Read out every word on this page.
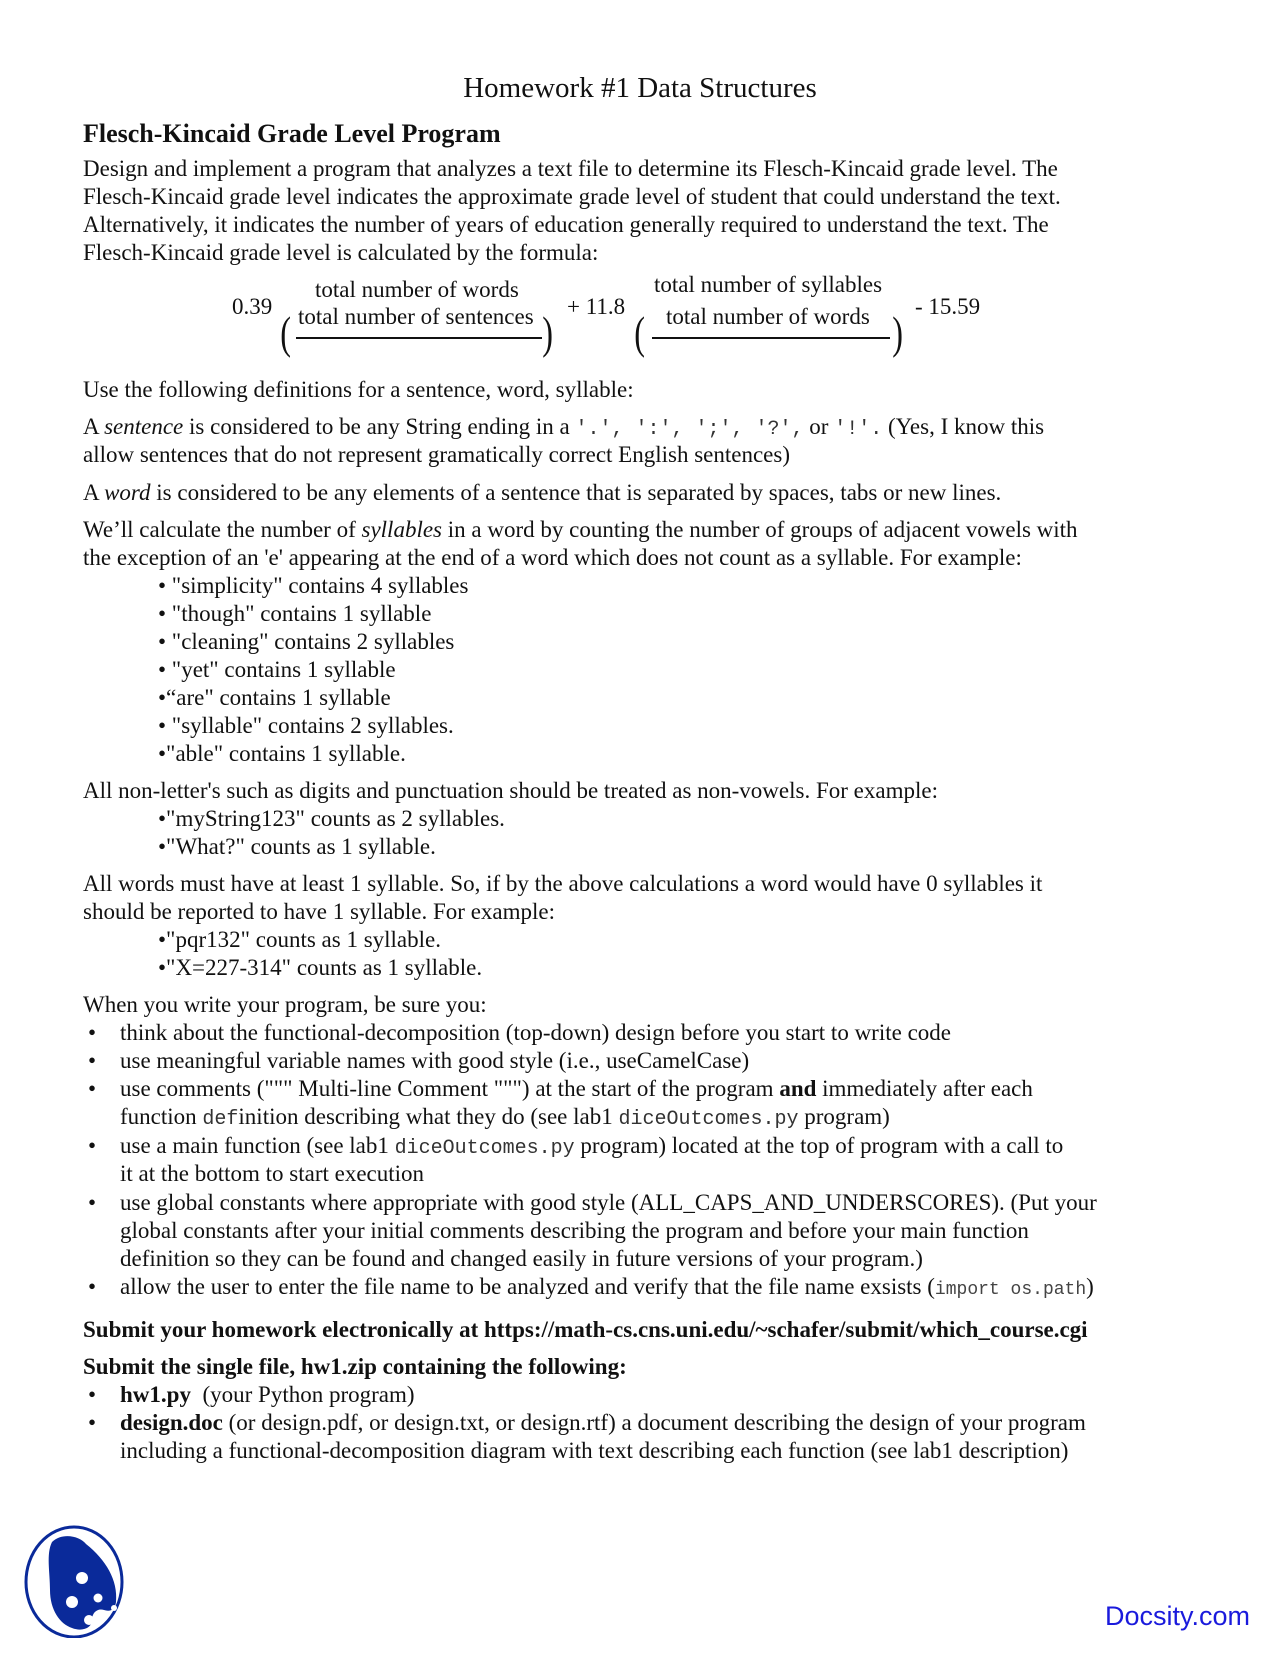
Homework #1 Data Structures
Flesch-Kincaid Grade Level Program
Design and implement a program that analyzes a text file to determine its Flesch-Kincaid grade level. The
Flesch-Kincaid grade level indicates the approximate grade level of student that could understand the text.
Alternatively, it indicates the number of years of education generally required to understand the text. The
Flesch-Kincaid grade level is calculated by the formula:
0.39
(
total number of words
total number of sentences )
+ 11.8
(
total number of syllables
total number of words )
- 15.59
Use the following definitions for a sentence, word, syllable:
A sentence is considered to be any String ending in a '.', ':', ';', '?', or '!'. (Yes, I know this
allow sentences that do not represent gramatically correct English sentences)
A word is considered to be any elements of a sentence that is separated by spaces, tabs or new lines.
We’ll calculate the number of syllables in a word by counting the number of groups of adjacent vowels with
the exception of an 'e' appearing at the end of a word which does not count as a syllable. For example:
• "simplicity" contains 4 syllables
• "though" contains 1 syllable
• "cleaning" contains 2 syllables
• "yet" contains 1 syllable
•“are" contains 1 syllable
• "syllable" contains 2 syllables.
•"able" contains 1 syllable.
All non-letter's such as digits and punctuation should be treated as non-vowels. For example:
•"myString123" counts as 2 syllables.
•"What?" counts as 1 syllable.
All words must have at least 1 syllable. So, if by the above calculations a word would have 0 syllables it
should be reported to have 1 syllable. For example:
•"pqr132" counts as 1 syllable.
•"X=227-314" counts as 1 syllable.
When you write your program, be sure you:
• think about the functional-decomposition (top-down) design before you start to write code
• use meaningful variable names with good style (i.e., useCamelCase)
• use comments (""" Multi-line Comment """) at the start of the program and immediately after each
function definition describing what they do (see lab1 diceOutcomes.py program)
• use a main function (see lab1 diceOutcomes.py program) located at the top of program with a call to
it at the bottom to start execution
• use global constants where appropriate with good style (ALL_CAPS_AND_UNDERSCORES). (Put your
global constants after your initial comments describing the program and before your main function
definition so they can be found and changed easily in future versions of your program.)
• allow the user to enter the file name to be analyzed and verify that the file name exsists (import os.path)
Submit your homework electronically at https://math-cs.cns.uni.edu/~schafer/submit/which_course.cgi
Submit the single file, hw1.zip containing the following:
• hw1.py  (your Python program)
• design.doc (or design.pdf, or design.txt, or design.rtf) a document describing the design of your program
including a functional-decomposition diagram with text describing each function (see lab1 description)
Docsity.com
